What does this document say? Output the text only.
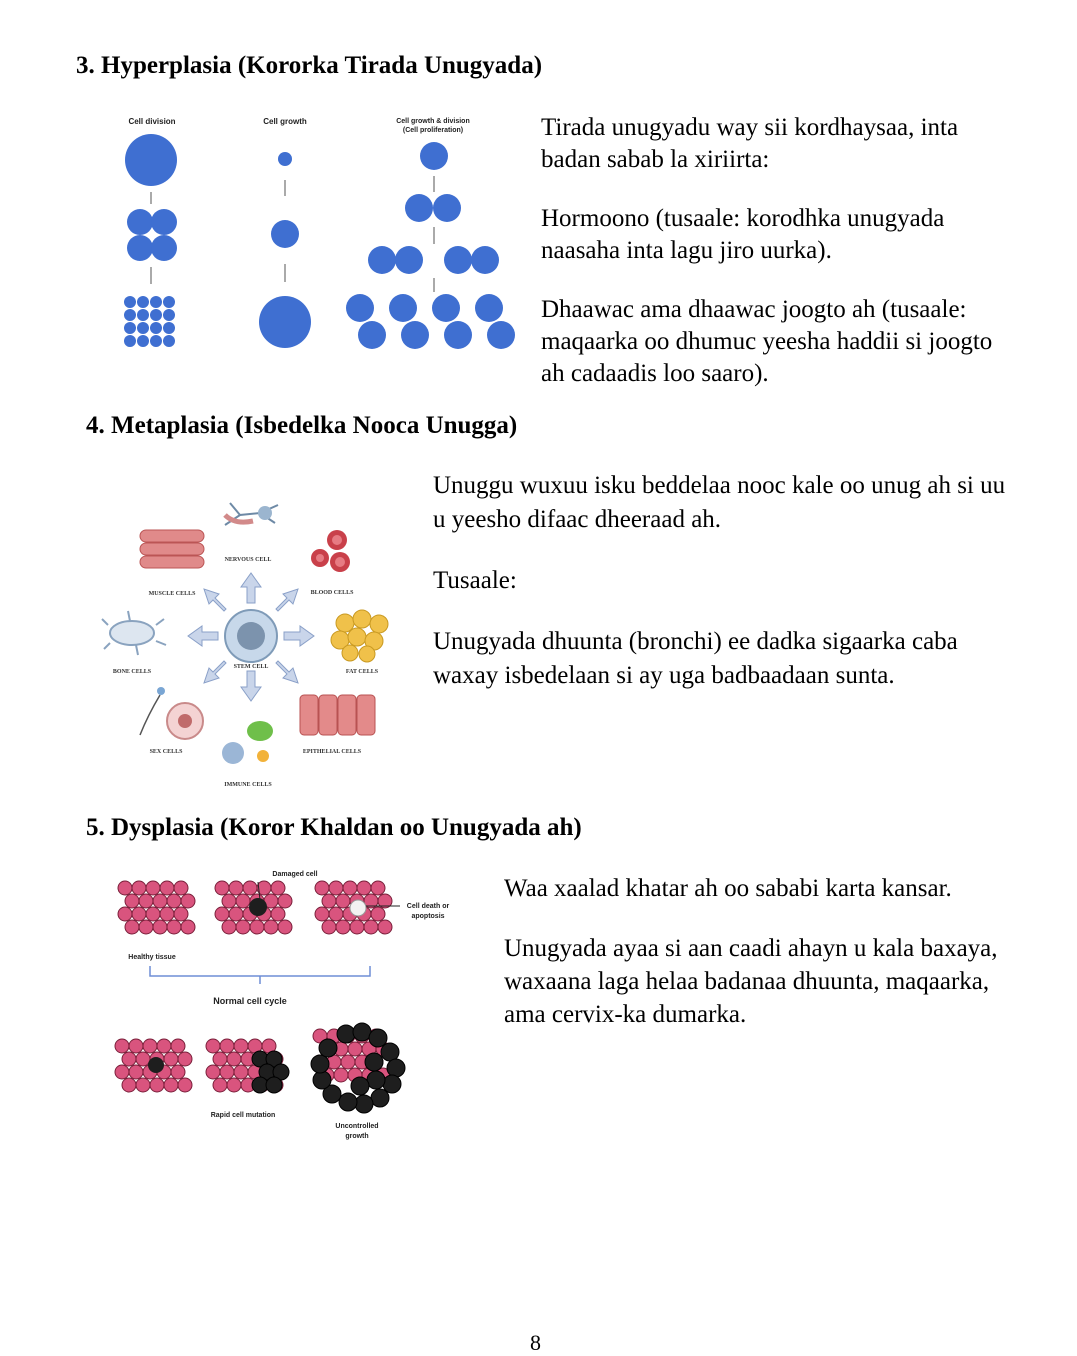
3. Hyperplasia (Kororka Tirada Unugyada)
Cell division	Cell growth	Cell growth & division
(Cell proliferation)	Tirada unugyadu way sii kordhaysaa, inta badan sabab la xiriirta:

Hormoono (tusaale: korodhka unugyada naasaha inta lagu jiro uurka).

Dhaawac ama dhaawac joogto ah (tusaale: maqaarka oo dhumuc yeesha haddii si joogto ah cadaadis loo saaro).

4. Metaplasia (Isbedelka Nooca Unugga)
STEM CELL
NERVOUS CELL
BLOOD CELLS
MUSCLE CELLS
FAT CELLS
BONE CELLS
EPITHELIAL CELLS
SEX CELLS
IMMUNE CELLS

Unuggu wuxuu isku beddelaa nooc kale oo unug ah si uu u yeesho difaac dheeraad ah.

Tusaale:

Unugyada dhuunta (bronchi) ee dadka sigaarka caba waxay isbedelaan si ay uga badbaadaan sunta.

5. Dysplasia (Koror Khaldan oo Unugyada ah)
Damaged cell
Cell death or
apoptosis
Healthy tissue
Normal cell cycle
Rapid cell mutation
Uncontrolled
growth

Waa xaalad khatar ah oo sababi karta kansar.

Unugyada ayaa si aan caadi ahayn u kala baxaya, waxaana laga helaa badanaa dhuunta, maqaarka, ama cervix-ka dumarka.

8
